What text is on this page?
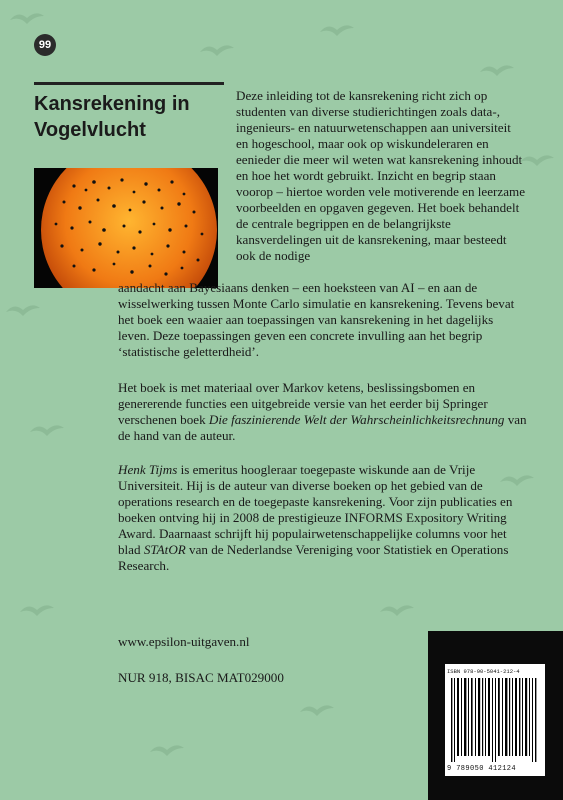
99
Kansrekening in Vogelvlucht
Deze inleiding tot de kansrekening richt zich op studenten van diverse studierichtingen zoals data-, ingenieurs- en natuurwetenschappen aan universiteit en hogeschool, maar ook op wiskundeleraren en eenieder die meer wil weten wat kansrekening inhoudt en hoe het wordt gebruikt. Inzicht en begrip staan voorop – hiertoe worden vele motiverende en leerzame voorbeelden en opgaven gegeven. Het boek behandelt de centrale begrippen en de belangrijkste kansverdelingen uit de kansrekening, maar besteedt ook de nodige
aandacht aan Bayesiaans denken – een hoeksteen van AI – en aan de wisselwerking tussen Monte Carlo simulatie en kansrekening. Tevens bevat het boek een waaier aan toepassingen van kansrekening in het dagelijks leven. Deze toepassingen geven een concrete invulling aan het begrip ‘statistische geletterdheid’.
Het boek is met materiaal over Markov ketens, beslissingsbomen en genererende functies een uitgebreide versie van het eerder bij Springer verschenen boek Die faszinierende Welt der Wahrscheinlichkeitsrechnung van de hand van de auteur.
Henk Tijms is emeritus hoogleraar toegepaste wiskunde aan de Vrije Universiteit. Hij is de auteur van diverse boeken op het gebied van de operations research en de toegepaste kansrekening. Voor zijn publicaties en boeken ontving hij in 2008 de prestigieuze INFORMS Expository Writing Award. Daarnaast schrijft hij populairwetenschappelijke columns voor het blad STAtOR van de Nederlandse Vereniging voor Statistiek en Operations Research.
www.epsilon-uitgaven.nl
NUR 918, BISAC MAT029000	ISBN 978-90-5041-212-4
9 789050 412124
